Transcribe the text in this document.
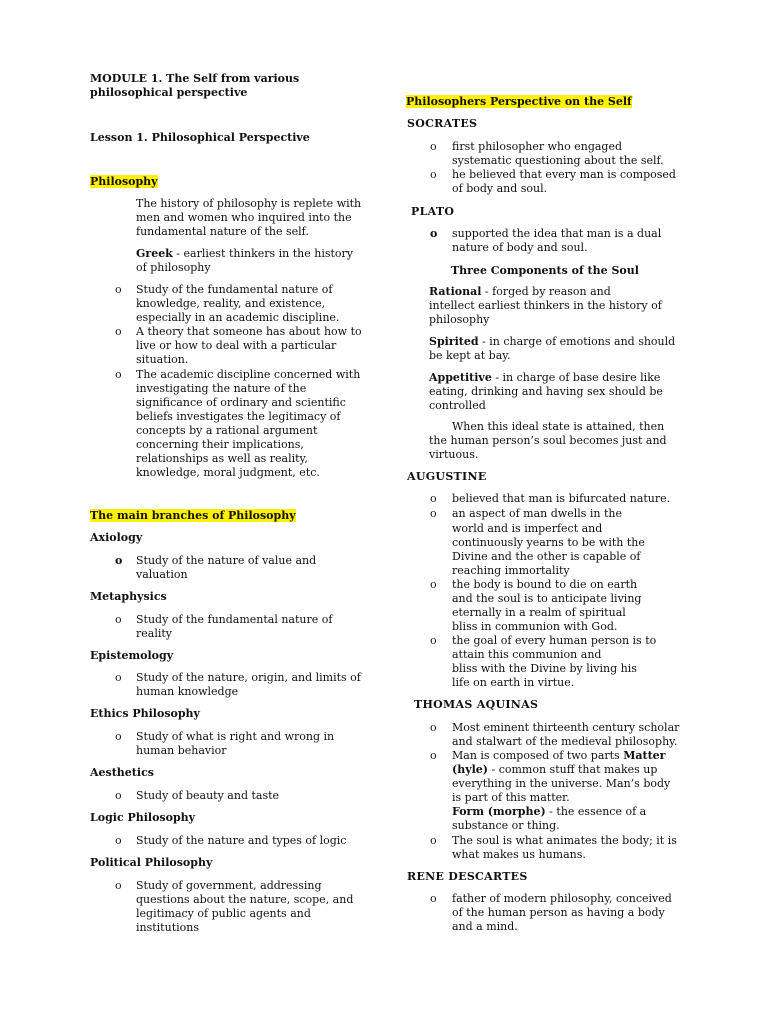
MODULE 1. The Self from various
philosophical perspective
Lesson 1. Philosophical Perspective
Philosophy
The history of philosophy is replete with
men and women who inquired into the
fundamental nature of the self.
Greek - earliest thinkers in the history
of philosophy
o Study of the fundamental nature of
knowledge, reality, and existence,
especially in an academic discipline.
o A theory that someone has about how to
live or how to deal with a particular
situation.
o The academic discipline concerned with
investigating the nature of the
significance of ordinary and scientific
beliefs investigates the legitimacy of
concepts by a rational argument
concerning their implications,
relationships as well as reality,
knowledge, moral judgment, etc.
The main branches of Philosophy
Axiology
o Study of the nature of value and
valuation
Metaphysics
o Study of the fundamental nature of
reality
Epistemology
o Study of the nature, origin, and limits of
human knowledge
Ethics Philosophy
o Study of what is right and wrong in
human behavior
Aesthetics
o Study of beauty and taste
Logic Philosophy
o Study of the nature and types of logic
Political Philosophy
o Study of government, addressing
questions about the nature, scope, and
legitimacy of public agents and
institutions
Philosophers Perspective on the Self
SOCRATES
o first philosopher who engaged
systematic questioning about the self.
o he believed that every man is composed
of body and soul.
PLATO
o supported the idea that man is a dual
nature of body and soul.
Three Components of the Soul
Rational - forged by reason and
intellect earliest thinkers in the history of
philosophy
Spirited - in charge of emotions and should
be kept at bay.
Appetitive - in charge of base desire like
eating, drinking and having sex should be
controlled
When this ideal state is attained, then
the human person’s soul becomes just and
virtuous.
AUGUSTINE
o believed that man is bifurcated nature.
o an aspect of man dwells in the
world and is imperfect and
continuously yearns to be with the
Divine and the other is capable of
reaching immortality
o the body is bound to die on earth
and the soul is to anticipate living
eternally in a realm of spiritual
bliss in communion with God.
o the goal of every human person is to
attain this communion and
bliss with the Divine by living his
life on earth in virtue.
THOMAS AQUINAS
o Most eminent thirteenth century scholar
and stalwart of the medieval philosophy.
o Man is composed of two parts Matter
(hyle) - common stuff that makes up
everything in the universe. Man’s body
is part of this matter.
Form (morphe) - the essence of a
substance or thing.
o The soul is what animates the body; it is
what makes us humans.
RENE DESCARTES
o father of modern philosophy, conceived
of the human person as having a body
and a mind.
